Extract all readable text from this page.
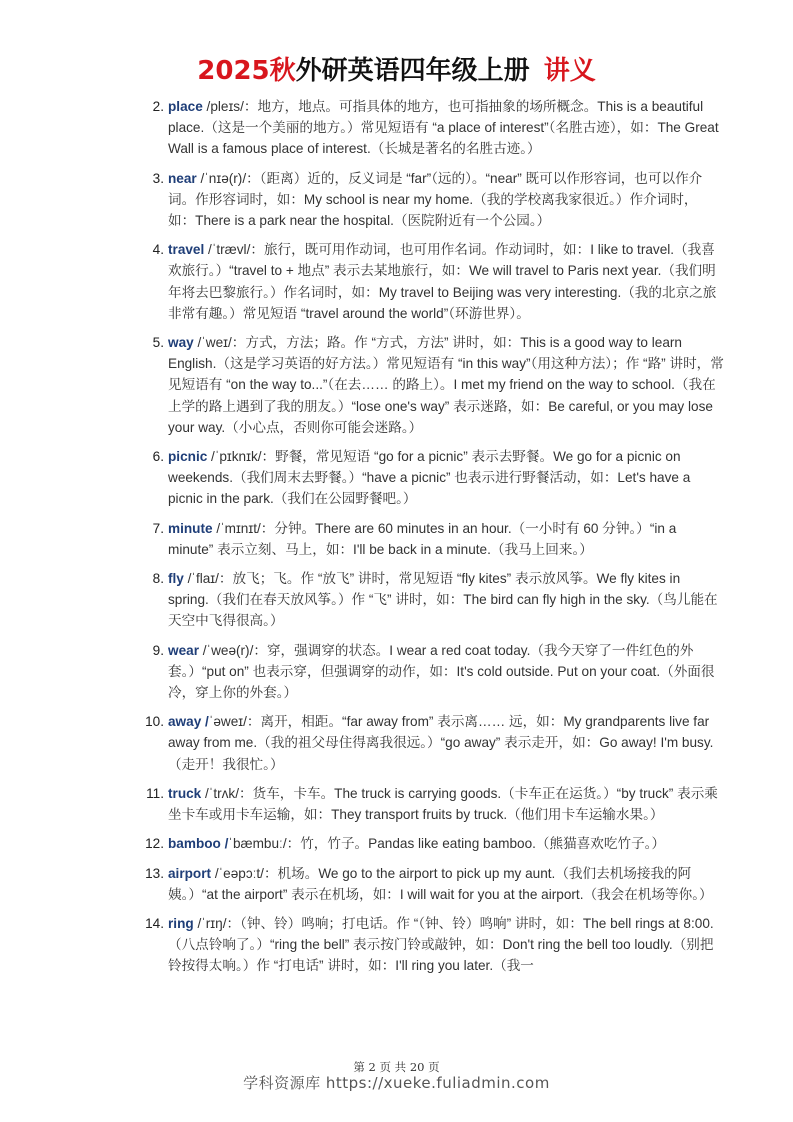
2025秋外研英语四年级上册 讲义
2. place /pleɪs/：地方，地点。可指具体的地方，也可指抽象的场所概念。This is a beautiful place.（这是一个美丽的地方。）常见短语有 “a place of interest”（名胜古迹），如：The Great Wall is a famous place of interest.（长城是著名的名胜古迹。）
3. near /ˈnɪə(r)/：（距离）近的，反义词是 “far”（远的）。“near” 既可以作形容词，也可以作介词。作形容词时，如：My school is near my home.（我的学校离我家很近。）作介词时，如：There is a park near the hospital.（医院附近有一个公园。）
4. travel /ˈtrævl/：旅行，既可用作动词，也可用作名词。作动词时，如：I like to travel.（我喜欢旅行。）“travel to + 地点” 表示去某地旅行，如：We will travel to Paris next year.（我们明年将去巴黎旅行。）作名词时，如：My travel to Beijing was very interesting.（我的北京之旅非常有趣。）常见短语 “travel around the world”（环游世界）。
5. way /ˈweɪ/：方式，方法；路。作 “方式，方法” 讲时，如：This is a good way to learn English.（这是学习英语的好方法。）常见短语有 “in this way”（用这种方法）；作 “路” 讲时，常见短语有 “on the way to...”（在去…… 的路上）。I met my friend on the way to school.（我在上学的路上遇到了我的朋友。）“lose one's way” 表示迷路，如：Be careful, or you may lose your way.（小心点，否则你可能会迷路。）
6. picnic /ˈpɪknɪk/：野餐，常见短语 “go for a picnic” 表示去野餐。We go for a picnic on weekends.（我们周末去野餐。）“have a picnic” 也表示进行野餐活动，如：Let's have a picnic in the park.（我们在公园野餐吧。）
7. minute /ˈmɪnɪt/：分钟。There are 60 minutes in an hour.（一小时有 60 分钟。）“in a minute” 表示立刻、马上，如：I'll be back in a minute.（我马上回来。）
8. fly /ˈflaɪ/：放飞；飞。作 “放飞” 讲时，常见短语 “fly kites” 表示放风筝。We fly kites in spring.（我们在春天放风筝。）作 “飞” 讲时，如：The bird can fly high in the sky.（鸟儿能在天空中飞得很高。）
9. wear /ˈweə(r)/：穿，强调穿的状态。I wear a red coat today.（我今天穿了一件红色的外套。）“put on” 也表示穿，但强调穿的动作，如：It's cold outside. Put on your coat.（外面很冷，穿上你的外套。）
10. away /ˈəweɪ/：离开，相距。“far away from” 表示离…… 远，如：My grandparents live far away from me.（我的祖父母住得离我很远。）“go away” 表示走开，如：Go away! I'm busy.（走开！我很忙。）
11. truck /ˈtrʌk/：货车，卡车。The truck is carrying goods.（卡车正在运货。）“by truck” 表示乘坐卡车或用卡车运输，如：They transport fruits by truck.（他们用卡车运输水果。）
12. bamboo /ˈbæmbuː/：竹，竹子。Pandas like eating bamboo.（熊猫喜欢吃竹子。）
13. airport /ˈeəpɔːt/：机场。We go to the airport to pick up my aunt.（我们去机场接我的阿姨。）“at the airport” 表示在机场，如：I will wait for you at the airport.（我会在机场等你。）
14. ring /ˈrɪŋ/：（钟、铃）鸣响；打电话。作 “（钟、铃）鸣响” 讲时，如：The bell rings at 8:00.（八点铃响了。）“ring the bell” 表示按门铃或敲钟，如：Don't ring the bell too loudly.（别把铃按得太响。）作 “打电话” 讲时，如：I'll ring you later.（我一
第 2 页 共 20 页
学科资源库 https://xueke.fuliadmin.com
